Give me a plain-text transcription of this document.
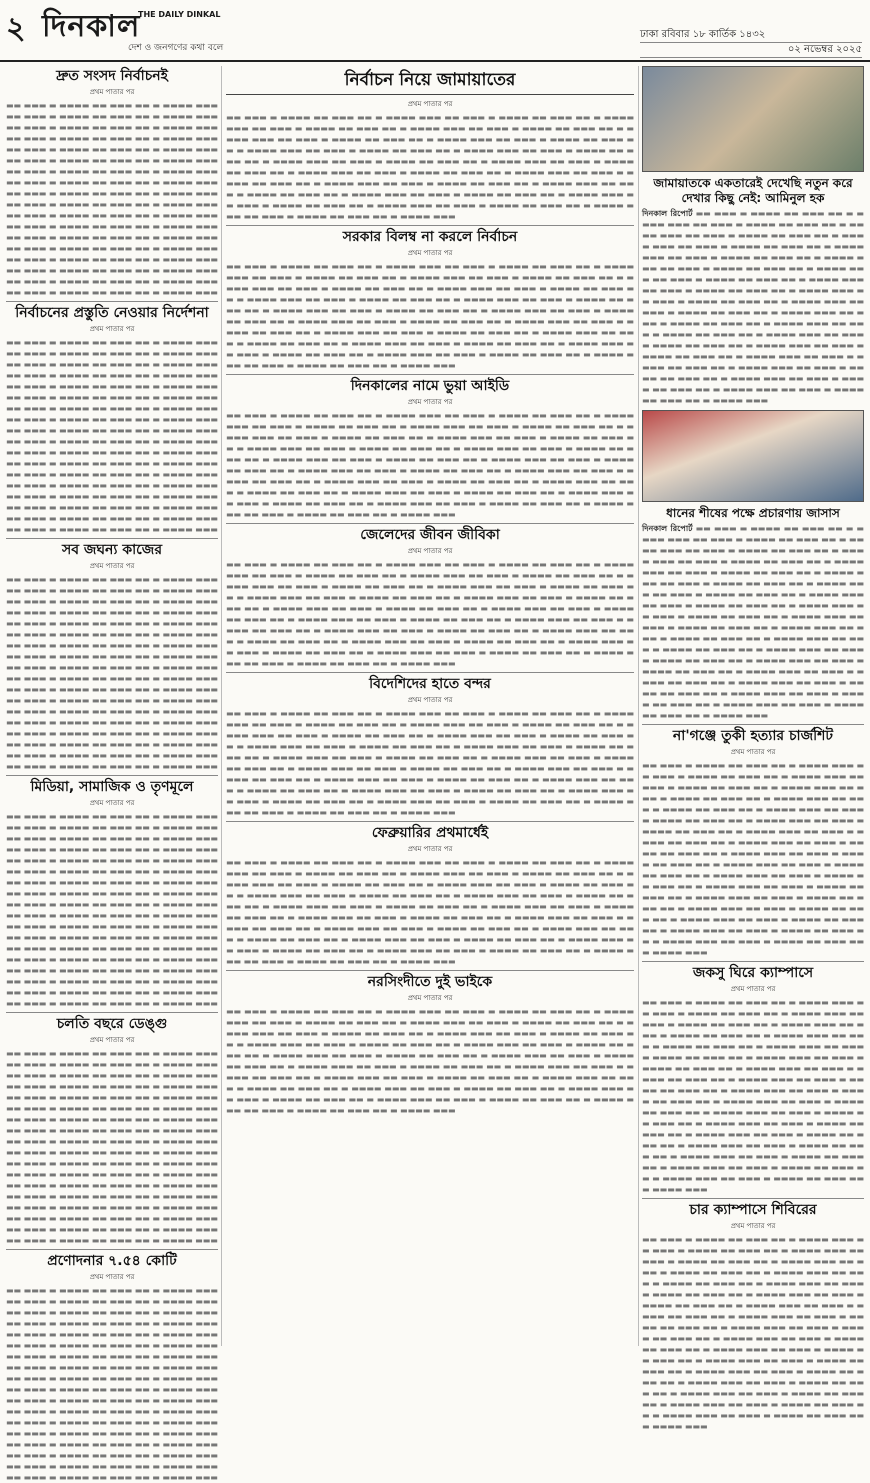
২ দিনকাল
THE DAILY DINKAL
দেশ ও জনগণের কথা বলে
ঢাকা রবিবার ১৮ কার্তিক ১৪৩২
০২ নভেম্বর ২০২৫
দ্রুত সংসদ নির্বাচনই
প্রথম পাতার পর

▬▬ ▬▬▬ ▬ ▬▬▬▬ ▬▬ ▬▬▬ ▬▬ ▬ ▬▬▬▬ ▬▬▬ ▬▬ ▬▬▬ ▬ ▬▬▬▬ ▬▬ ▬▬▬ ▬▬ ▬ ▬▬▬▬ ▬▬▬ ▬▬ ▬▬▬ ▬ ▬▬▬▬ ▬▬ ▬▬▬ ▬▬ ▬ ▬▬▬▬ ▬▬▬ ▬▬ ▬▬▬ ▬ ▬▬▬▬ ▬▬ ▬▬▬ ▬▬ ▬ ▬▬▬▬ ▬▬▬ ▬▬ ▬▬▬ ▬ ▬▬▬▬ ▬▬ ▬▬▬ ▬▬ ▬ ▬▬▬▬ ▬▬▬ ▬▬ ▬▬▬ ▬ ▬▬▬▬ ▬▬ ▬▬▬ ▬▬ ▬ ▬▬▬▬ ▬▬▬ ▬▬ ▬▬▬ ▬ ▬▬▬▬ ▬▬ ▬▬▬ ▬▬ ▬ ▬▬▬▬ ▬▬▬ ▬▬ ▬▬▬ ▬ ▬▬▬▬ ▬▬ ▬▬▬ ▬▬ ▬ ▬▬▬▬ ▬▬▬ ▬▬ ▬▬▬ ▬ ▬▬▬▬ ▬▬ ▬▬▬ ▬▬ ▬ ▬▬▬▬ ▬▬▬ ▬▬ ▬▬▬ ▬ ▬▬▬▬ ▬▬ ▬▬▬ ▬▬ ▬ ▬▬▬▬ ▬▬▬ ▬▬ ▬▬▬ ▬ ▬▬▬▬ ▬▬ ▬▬▬ ▬▬ ▬ ▬▬▬▬ ▬▬▬ ▬▬ ▬▬▬ ▬ ▬▬▬▬ ▬▬ ▬▬▬ ▬▬ ▬ ▬▬▬▬ ▬▬▬ ▬▬ ▬▬▬ ▬ ▬▬▬▬ ▬▬ ▬▬▬ ▬▬ ▬ ▬▬▬▬ ▬▬▬ ▬▬ ▬▬▬ ▬ ▬▬▬▬ ▬▬ ▬▬▬ ▬▬ ▬ ▬▬▬▬ ▬▬▬ ▬▬ ▬▬▬ ▬ ▬▬▬▬ ▬▬ ▬▬▬ ▬▬ ▬ ▬▬▬▬ ▬▬▬ ▬▬ ▬▬▬ ▬ ▬▬▬▬ ▬▬ ▬▬▬ ▬▬ ▬ ▬▬▬▬ ▬▬▬ ▬▬ ▬▬▬ ▬ ▬▬▬▬ ▬▬ ▬▬▬ ▬▬ ▬ ▬▬▬▬ ▬▬▬ ▬▬ ▬▬▬ ▬ ▬▬▬▬ ▬▬ ▬▬▬ ▬▬ ▬ ▬▬▬▬ ▬▬▬

নির্বাচনের প্রস্তুতি নেওয়ার নির্দেশনা
প্রথম পাতার পর

▬▬ ▬▬▬ ▬ ▬▬▬▬ ▬▬ ▬▬▬ ▬▬ ▬ ▬▬▬▬ ▬▬▬ ▬▬ ▬▬▬ ▬ ▬▬▬▬ ▬▬ ▬▬▬ ▬▬ ▬ ▬▬▬▬ ▬▬▬ ▬▬ ▬▬▬ ▬ ▬▬▬▬ ▬▬ ▬▬▬ ▬▬ ▬ ▬▬▬▬ ▬▬▬ ▬▬ ▬▬▬ ▬ ▬▬▬▬ ▬▬ ▬▬▬ ▬▬ ▬ ▬▬▬▬ ▬▬▬ ▬▬ ▬▬▬ ▬ ▬▬▬▬ ▬▬ ▬▬▬ ▬▬ ▬ ▬▬▬▬ ▬▬▬ ▬▬ ▬▬▬ ▬ ▬▬▬▬ ▬▬ ▬▬▬ ▬▬ ▬ ▬▬▬▬ ▬▬▬ ▬▬ ▬▬▬ ▬ ▬▬▬▬ ▬▬ ▬▬▬ ▬▬ ▬ ▬▬▬▬ ▬▬▬ ▬▬ ▬▬▬ ▬ ▬▬▬▬ ▬▬ ▬▬▬ ▬▬ ▬ ▬▬▬▬ ▬▬▬ ▬▬ ▬▬▬ ▬ ▬▬▬▬ ▬▬ ▬▬▬ ▬▬ ▬ ▬▬▬▬ ▬▬▬ ▬▬ ▬▬▬ ▬ ▬▬▬▬ ▬▬ ▬▬▬ ▬▬ ▬ ▬▬▬▬ ▬▬▬ ▬▬ ▬▬▬ ▬ ▬▬▬▬ ▬▬ ▬▬▬ ▬▬ ▬ ▬▬▬▬ ▬▬▬ ▬▬ ▬▬▬ ▬ ▬▬▬▬ ▬▬ ▬▬▬ ▬▬ ▬ ▬▬▬▬ ▬▬▬ ▬▬ ▬▬▬ ▬ ▬▬▬▬ ▬▬ ▬▬▬ ▬▬ ▬ ▬▬▬▬ ▬▬▬ ▬▬ ▬▬▬ ▬ ▬▬▬▬ ▬▬ ▬▬▬ ▬▬ ▬ ▬▬▬▬ ▬▬▬ ▬▬ ▬▬▬ ▬ ▬▬▬▬ ▬▬ ▬▬▬ ▬▬ ▬ ▬▬▬▬ ▬▬▬ ▬▬ ▬▬▬ ▬ ▬▬▬▬ ▬▬ ▬▬▬ ▬▬ ▬ ▬▬▬▬ ▬▬▬ ▬▬ ▬▬▬ ▬ ▬▬▬▬ ▬▬ ▬▬▬ ▬▬ ▬ ▬▬▬▬ ▬▬▬ ▬▬ ▬▬▬ ▬ ▬▬▬▬ ▬▬ ▬▬▬ ▬▬ ▬ ▬▬▬▬ ▬▬▬

সব জঘন্য কাজের
প্রথম পাতার পর

▬▬ ▬▬▬ ▬ ▬▬▬▬ ▬▬ ▬▬▬ ▬▬ ▬ ▬▬▬▬ ▬▬▬ ▬▬ ▬▬▬ ▬ ▬▬▬▬ ▬▬ ▬▬▬ ▬▬ ▬ ▬▬▬▬ ▬▬▬ ▬▬ ▬▬▬ ▬ ▬▬▬▬ ▬▬ ▬▬▬ ▬▬ ▬ ▬▬▬▬ ▬▬▬ ▬▬ ▬▬▬ ▬ ▬▬▬▬ ▬▬ ▬▬▬ ▬▬ ▬ ▬▬▬▬ ▬▬▬ ▬▬ ▬▬▬ ▬ ▬▬▬▬ ▬▬ ▬▬▬ ▬▬ ▬ ▬▬▬▬ ▬▬▬ ▬▬ ▬▬▬ ▬ ▬▬▬▬ ▬▬ ▬▬▬ ▬▬ ▬ ▬▬▬▬ ▬▬▬ ▬▬ ▬▬▬ ▬ ▬▬▬▬ ▬▬ ▬▬▬ ▬▬ ▬ ▬▬▬▬ ▬▬▬ ▬▬ ▬▬▬ ▬ ▬▬▬▬ ▬▬ ▬▬▬ ▬▬ ▬ ▬▬▬▬ ▬▬▬ ▬▬ ▬▬▬ ▬ ▬▬▬▬ ▬▬ ▬▬▬ ▬▬ ▬ ▬▬▬▬ ▬▬▬ ▬▬ ▬▬▬ ▬ ▬▬▬▬ ▬▬ ▬▬▬ ▬▬ ▬ ▬▬▬▬ ▬▬▬ ▬▬ ▬▬▬ ▬ ▬▬▬▬ ▬▬ ▬▬▬ ▬▬ ▬ ▬▬▬▬ ▬▬▬ ▬▬ ▬▬▬ ▬ ▬▬▬▬ ▬▬ ▬▬▬ ▬▬ ▬ ▬▬▬▬ ▬▬▬ ▬▬ ▬▬▬ ▬ ▬▬▬▬ ▬▬ ▬▬▬ ▬▬ ▬ ▬▬▬▬ ▬▬▬ ▬▬ ▬▬▬ ▬ ▬▬▬▬ ▬▬ ▬▬▬ ▬▬ ▬ ▬▬▬▬ ▬▬▬ ▬▬ ▬▬▬ ▬ ▬▬▬▬ ▬▬ ▬▬▬ ▬▬ ▬ ▬▬▬▬ ▬▬▬ ▬▬ ▬▬▬ ▬ ▬▬▬▬ ▬▬ ▬▬▬ ▬▬ ▬ ▬▬▬▬ ▬▬▬ ▬▬ ▬▬▬ ▬ ▬▬▬▬ ▬▬ ▬▬▬ ▬▬ ▬ ▬▬▬▬ ▬▬▬ ▬▬ ▬▬▬ ▬ ▬▬▬▬ ▬▬ ▬▬▬ ▬▬ ▬ ▬▬▬▬ ▬▬▬

মিডিয়া, সামাজিক ও তৃণমূলে
প্রথম পাতার পর

▬▬ ▬▬▬ ▬ ▬▬▬▬ ▬▬ ▬▬▬ ▬▬ ▬ ▬▬▬▬ ▬▬▬ ▬▬ ▬▬▬ ▬ ▬▬▬▬ ▬▬ ▬▬▬ ▬▬ ▬ ▬▬▬▬ ▬▬▬ ▬▬ ▬▬▬ ▬ ▬▬▬▬ ▬▬ ▬▬▬ ▬▬ ▬ ▬▬▬▬ ▬▬▬ ▬▬ ▬▬▬ ▬ ▬▬▬▬ ▬▬ ▬▬▬ ▬▬ ▬ ▬▬▬▬ ▬▬▬ ▬▬ ▬▬▬ ▬ ▬▬▬▬ ▬▬ ▬▬▬ ▬▬ ▬ ▬▬▬▬ ▬▬▬ ▬▬ ▬▬▬ ▬ ▬▬▬▬ ▬▬ ▬▬▬ ▬▬ ▬ ▬▬▬▬ ▬▬▬ ▬▬ ▬▬▬ ▬ ▬▬▬▬ ▬▬ ▬▬▬ ▬▬ ▬ ▬▬▬▬ ▬▬▬ ▬▬ ▬▬▬ ▬ ▬▬▬▬ ▬▬ ▬▬▬ ▬▬ ▬ ▬▬▬▬ ▬▬▬ ▬▬ ▬▬▬ ▬ ▬▬▬▬ ▬▬ ▬▬▬ ▬▬ ▬ ▬▬▬▬ ▬▬▬ ▬▬ ▬▬▬ ▬ ▬▬▬▬ ▬▬ ▬▬▬ ▬▬ ▬ ▬▬▬▬ ▬▬▬ ▬▬ ▬▬▬ ▬ ▬▬▬▬ ▬▬ ▬▬▬ ▬▬ ▬ ▬▬▬▬ ▬▬▬ ▬▬ ▬▬▬ ▬ ▬▬▬▬ ▬▬ ▬▬▬ ▬▬ ▬ ▬▬▬▬ ▬▬▬ ▬▬ ▬▬▬ ▬ ▬▬▬▬ ▬▬ ▬▬▬ ▬▬ ▬ ▬▬▬▬ ▬▬▬ ▬▬ ▬▬▬ ▬ ▬▬▬▬ ▬▬ ▬▬▬ ▬▬ ▬ ▬▬▬▬ ▬▬▬ ▬▬ ▬▬▬ ▬ ▬▬▬▬ ▬▬ ▬▬▬ ▬▬ ▬ ▬▬▬▬ ▬▬▬ ▬▬ ▬▬▬ ▬ ▬▬▬▬ ▬▬ ▬▬▬ ▬▬ ▬ ▬▬▬▬ ▬▬▬ ▬▬ ▬▬▬ ▬ ▬▬▬▬ ▬▬ ▬▬▬ ▬▬ ▬ ▬▬▬▬ ▬▬▬ ▬▬ ▬▬▬ ▬ ▬▬▬▬ ▬▬ ▬▬▬ ▬▬ ▬ ▬▬▬▬ ▬▬▬

চলতি বছরে ডেঙ্গু
প্রথম পাতার পর

▬▬ ▬▬▬ ▬ ▬▬▬▬ ▬▬ ▬▬▬ ▬▬ ▬ ▬▬▬▬ ▬▬▬ ▬▬ ▬▬▬ ▬ ▬▬▬▬ ▬▬ ▬▬▬ ▬▬ ▬ ▬▬▬▬ ▬▬▬ ▬▬ ▬▬▬ ▬ ▬▬▬▬ ▬▬ ▬▬▬ ▬▬ ▬ ▬▬▬▬ ▬▬▬ ▬▬ ▬▬▬ ▬ ▬▬▬▬ ▬▬ ▬▬▬ ▬▬ ▬ ▬▬▬▬ ▬▬▬ ▬▬ ▬▬▬ ▬ ▬▬▬▬ ▬▬ ▬▬▬ ▬▬ ▬ ▬▬▬▬ ▬▬▬ ▬▬ ▬▬▬ ▬ ▬▬▬▬ ▬▬ ▬▬▬ ▬▬ ▬ ▬▬▬▬ ▬▬▬ ▬▬ ▬▬▬ ▬ ▬▬▬▬ ▬▬ ▬▬▬ ▬▬ ▬ ▬▬▬▬ ▬▬▬ ▬▬ ▬▬▬ ▬ ▬▬▬▬ ▬▬ ▬▬▬ ▬▬ ▬ ▬▬▬▬ ▬▬▬ ▬▬ ▬▬▬ ▬ ▬▬▬▬ ▬▬ ▬▬▬ ▬▬ ▬ ▬▬▬▬ ▬▬▬ ▬▬ ▬▬▬ ▬ ▬▬▬▬ ▬▬ ▬▬▬ ▬▬ ▬ ▬▬▬▬ ▬▬▬ ▬▬ ▬▬▬ ▬ ▬▬▬▬ ▬▬ ▬▬▬ ▬▬ ▬ ▬▬▬▬ ▬▬▬ ▬▬ ▬▬▬ ▬ ▬▬▬▬ ▬▬ ▬▬▬ ▬▬ ▬ ▬▬▬▬ ▬▬▬ ▬▬ ▬▬▬ ▬ ▬▬▬▬ ▬▬ ▬▬▬ ▬▬ ▬ ▬▬▬▬ ▬▬▬ ▬▬ ▬▬▬ ▬ ▬▬▬▬ ▬▬ ▬▬▬ ▬▬ ▬ ▬▬▬▬ ▬▬▬ ▬▬ ▬▬▬ ▬ ▬▬▬▬ ▬▬ ▬▬▬ ▬▬ ▬ ▬▬▬▬ ▬▬▬ ▬▬ ▬▬▬ ▬ ▬▬▬▬ ▬▬ ▬▬▬ ▬▬ ▬ ▬▬▬▬ ▬▬▬ ▬▬ ▬▬▬ ▬ ▬▬▬▬ ▬▬ ▬▬▬ ▬▬ ▬ ▬▬▬▬ ▬▬▬ ▬▬ ▬▬▬ ▬ ▬▬▬▬ ▬▬ ▬▬▬ ▬▬ ▬ ▬▬▬▬ ▬▬▬

প্রণোদনার ৭.৫৪ কোটি
প্রথম পাতার পর

▬▬ ▬▬▬ ▬ ▬▬▬▬ ▬▬ ▬▬▬ ▬▬ ▬ ▬▬▬▬ ▬▬▬ ▬▬ ▬▬▬ ▬ ▬▬▬▬ ▬▬ ▬▬▬ ▬▬ ▬ ▬▬▬▬ ▬▬▬ ▬▬ ▬▬▬ ▬ ▬▬▬▬ ▬▬ ▬▬▬ ▬▬ ▬ ▬▬▬▬ ▬▬▬ ▬▬ ▬▬▬ ▬ ▬▬▬▬ ▬▬ ▬▬▬ ▬▬ ▬ ▬▬▬▬ ▬▬▬ ▬▬ ▬▬▬ ▬ ▬▬▬▬ ▬▬ ▬▬▬ ▬▬ ▬ ▬▬▬▬ ▬▬▬ ▬▬ ▬▬▬ ▬ ▬▬▬▬ ▬▬ ▬▬▬ ▬▬ ▬ ▬▬▬▬ ▬▬▬ ▬▬ ▬▬▬ ▬ ▬▬▬▬ ▬▬ ▬▬▬ ▬▬ ▬ ▬▬▬▬ ▬▬▬ ▬▬ ▬▬▬ ▬ ▬▬▬▬ ▬▬ ▬▬▬ ▬▬ ▬ ▬▬▬▬ ▬▬▬ ▬▬ ▬▬▬ ▬ ▬▬▬▬ ▬▬ ▬▬▬ ▬▬ ▬ ▬▬▬▬ ▬▬▬ ▬▬ ▬▬▬ ▬ ▬▬▬▬ ▬▬ ▬▬▬ ▬▬ ▬ ▬▬▬▬ ▬▬▬ ▬▬ ▬▬▬ ▬ ▬▬▬▬ ▬▬ ▬▬▬ ▬▬ ▬ ▬▬▬▬ ▬▬▬ ▬▬ ▬▬▬ ▬ ▬▬▬▬ ▬▬ ▬▬▬ ▬▬ ▬ ▬▬▬▬ ▬▬▬ ▬▬ ▬▬▬ ▬ ▬▬▬▬ ▬▬ ▬▬▬ ▬▬ ▬ ▬▬▬▬ ▬▬▬ ▬▬ ▬▬▬ ▬ ▬▬▬▬ ▬▬ ▬▬▬ ▬▬ ▬ ▬▬▬▬ ▬▬▬ ▬▬ ▬▬▬ ▬ ▬▬▬▬ ▬▬ ▬▬▬ ▬▬ ▬ ▬▬▬▬ ▬▬▬ ▬▬ ▬▬▬ ▬ ▬▬▬▬ ▬▬ ▬▬▬ ▬▬ ▬ ▬▬▬▬ ▬▬▬ ▬▬ ▬▬▬ ▬ ▬▬▬▬ ▬▬ ▬▬▬ ▬▬ ▬ ▬▬▬▬ ▬▬▬ ▬▬ ▬▬▬ ▬ ▬▬▬▬ ▬▬ ▬▬▬ ▬▬ ▬ ▬▬▬▬ ▬▬▬

নির্বাচন নিয়ে জামায়াতের
প্রথম পাতার পর

▬▬ ▬▬▬ ▬ ▬▬▬▬ ▬▬ ▬▬▬ ▬▬ ▬ ▬▬▬▬ ▬▬▬ ▬▬ ▬▬▬ ▬ ▬▬▬▬ ▬▬ ▬▬▬ ▬▬ ▬ ▬▬▬▬ ▬▬▬ ▬▬ ▬▬▬ ▬ ▬▬▬▬ ▬▬ ▬▬▬ ▬▬ ▬ ▬▬▬▬ ▬▬▬ ▬▬ ▬▬▬ ▬ ▬▬▬▬ ▬▬ ▬▬▬ ▬▬ ▬ ▬▬▬▬ ▬▬▬ ▬▬ ▬▬▬ ▬ ▬▬▬▬ ▬▬ ▬▬▬ ▬▬ ▬ ▬▬▬▬ ▬▬▬ ▬▬ ▬▬▬ ▬ ▬▬▬▬ ▬▬ ▬▬▬ ▬▬ ▬ ▬▬▬▬ ▬▬▬ ▬▬ ▬▬▬ ▬ ▬▬▬▬ ▬▬ ▬▬▬ ▬▬ ▬ ▬▬▬▬ ▬▬▬ ▬▬ ▬▬▬ ▬ ▬▬▬▬ ▬▬ ▬▬▬ ▬▬ ▬ ▬▬▬▬ ▬▬▬ ▬▬ ▬▬▬ ▬ ▬▬▬▬ ▬▬ ▬▬▬ ▬▬ ▬ ▬▬▬▬ ▬▬▬ ▬▬ ▬▬▬ ▬ ▬▬▬▬ ▬▬ ▬▬▬ ▬▬ ▬ ▬▬▬▬ ▬▬▬ ▬▬ ▬▬▬ ▬ ▬▬▬▬ ▬▬ ▬▬▬ ▬▬ ▬ ▬▬▬▬ ▬▬▬ ▬▬ ▬▬▬ ▬ ▬▬▬▬ ▬▬ ▬▬▬ ▬▬ ▬ ▬▬▬▬ ▬▬▬ ▬▬ ▬▬▬ ▬ ▬▬▬▬ ▬▬ ▬▬▬ ▬▬ ▬ ▬▬▬▬ ▬▬▬ ▬▬ ▬▬▬ ▬ ▬▬▬▬ ▬▬ ▬▬▬ ▬▬ ▬ ▬▬▬▬ ▬▬▬ ▬▬ ▬▬▬ ▬ ▬▬▬▬ ▬▬ ▬▬▬ ▬▬ ▬ ▬▬▬▬ ▬▬▬ ▬▬ ▬▬▬ ▬ ▬▬▬▬ ▬▬ ▬▬▬ ▬▬ ▬ ▬▬▬▬ ▬▬▬ ▬▬ ▬▬▬ ▬ ▬▬▬▬ ▬▬ ▬▬▬ ▬▬ ▬ ▬▬▬▬ ▬▬▬ ▬▬ ▬▬▬ ▬ ▬▬▬▬ ▬▬ ▬▬▬ ▬▬ ▬ ▬▬▬▬ ▬▬▬

সরকার বিলম্ব না করলে নির্বাচন
প্রথম পাতার পর

▬▬ ▬▬▬ ▬ ▬▬▬▬ ▬▬ ▬▬▬ ▬▬ ▬ ▬▬▬▬ ▬▬▬ ▬▬ ▬▬▬ ▬ ▬▬▬▬ ▬▬ ▬▬▬ ▬▬ ▬ ▬▬▬▬ ▬▬▬ ▬▬ ▬▬▬ ▬ ▬▬▬▬ ▬▬ ▬▬▬ ▬▬ ▬ ▬▬▬▬ ▬▬▬ ▬▬ ▬▬▬ ▬ ▬▬▬▬ ▬▬ ▬▬▬ ▬▬ ▬ ▬▬▬▬ ▬▬▬ ▬▬ ▬▬▬ ▬ ▬▬▬▬ ▬▬ ▬▬▬ ▬▬ ▬ ▬▬▬▬ ▬▬▬ ▬▬ ▬▬▬ ▬ ▬▬▬▬ ▬▬ ▬▬▬ ▬▬ ▬ ▬▬▬▬ ▬▬▬ ▬▬ ▬▬▬ ▬ ▬▬▬▬ ▬▬ ▬▬▬ ▬▬ ▬ ▬▬▬▬ ▬▬▬ ▬▬ ▬▬▬ ▬ ▬▬▬▬ ▬▬ ▬▬▬ ▬▬ ▬ ▬▬▬▬ ▬▬▬ ▬▬ ▬▬▬ ▬ ▬▬▬▬ ▬▬ ▬▬▬ ▬▬ ▬ ▬▬▬▬ ▬▬▬ ▬▬ ▬▬▬ ▬ ▬▬▬▬ ▬▬ ▬▬▬ ▬▬ ▬ ▬▬▬▬ ▬▬▬ ▬▬ ▬▬▬ ▬ ▬▬▬▬ ▬▬ ▬▬▬ ▬▬ ▬ ▬▬▬▬ ▬▬▬ ▬▬ ▬▬▬ ▬ ▬▬▬▬ ▬▬ ▬▬▬ ▬▬ ▬ ▬▬▬▬ ▬▬▬ ▬▬ ▬▬▬ ▬ ▬▬▬▬ ▬▬ ▬▬▬ ▬▬ ▬ ▬▬▬▬ ▬▬▬ ▬▬ ▬▬▬ ▬ ▬▬▬▬ ▬▬ ▬▬▬ ▬▬ ▬ ▬▬▬▬ ▬▬▬ ▬▬ ▬▬▬ ▬ ▬▬▬▬ ▬▬ ▬▬▬ ▬▬ ▬ ▬▬▬▬ ▬▬▬ ▬▬ ▬▬▬ ▬ ▬▬▬▬ ▬▬ ▬▬▬ ▬▬ ▬ ▬▬▬▬ ▬▬▬ ▬▬ ▬▬▬ ▬ ▬▬▬▬ ▬▬ ▬▬▬ ▬▬ ▬ ▬▬▬▬ ▬▬▬ ▬▬ ▬▬▬ ▬ ▬▬▬▬ ▬▬ ▬▬▬ ▬▬ ▬ ▬▬▬▬ ▬▬▬

দিনকালের নামে ভুয়া আইডি
প্রথম পাতার পর

▬▬ ▬▬▬ ▬ ▬▬▬▬ ▬▬ ▬▬▬ ▬▬ ▬ ▬▬▬▬ ▬▬▬ ▬▬ ▬▬▬ ▬ ▬▬▬▬ ▬▬ ▬▬▬ ▬▬ ▬ ▬▬▬▬ ▬▬▬ ▬▬ ▬▬▬ ▬ ▬▬▬▬ ▬▬ ▬▬▬ ▬▬ ▬ ▬▬▬▬ ▬▬▬ ▬▬ ▬▬▬ ▬ ▬▬▬▬ ▬▬ ▬▬▬ ▬▬ ▬ ▬▬▬▬ ▬▬▬ ▬▬ ▬▬▬ ▬ ▬▬▬▬ ▬▬ ▬▬▬ ▬▬ ▬ ▬▬▬▬ ▬▬▬ ▬▬ ▬▬▬ ▬ ▬▬▬▬ ▬▬ ▬▬▬ ▬▬ ▬ ▬▬▬▬ ▬▬▬ ▬▬ ▬▬▬ ▬ ▬▬▬▬ ▬▬ ▬▬▬ ▬▬ ▬ ▬▬▬▬ ▬▬▬ ▬▬ ▬▬▬ ▬ ▬▬▬▬ ▬▬ ▬▬▬ ▬▬ ▬ ▬▬▬▬ ▬▬▬ ▬▬ ▬▬▬ ▬ ▬▬▬▬ ▬▬ ▬▬▬ ▬▬ ▬ ▬▬▬▬ ▬▬▬ ▬▬ ▬▬▬ ▬ ▬▬▬▬ ▬▬ ▬▬▬ ▬▬ ▬ ▬▬▬▬ ▬▬▬ ▬▬ ▬▬▬ ▬ ▬▬▬▬ ▬▬ ▬▬▬ ▬▬ ▬ ▬▬▬▬ ▬▬▬ ▬▬ ▬▬▬ ▬ ▬▬▬▬ ▬▬ ▬▬▬ ▬▬ ▬ ▬▬▬▬ ▬▬▬ ▬▬ ▬▬▬ ▬ ▬▬▬▬ ▬▬ ▬▬▬ ▬▬ ▬ ▬▬▬▬ ▬▬▬ ▬▬ ▬▬▬ ▬ ▬▬▬▬ ▬▬ ▬▬▬ ▬▬ ▬ ▬▬▬▬ ▬▬▬ ▬▬ ▬▬▬ ▬ ▬▬▬▬ ▬▬ ▬▬▬ ▬▬ ▬ ▬▬▬▬ ▬▬▬ ▬▬ ▬▬▬ ▬ ▬▬▬▬ ▬▬ ▬▬▬ ▬▬ ▬ ▬▬▬▬ ▬▬▬ ▬▬ ▬▬▬ ▬ ▬▬▬▬ ▬▬ ▬▬▬ ▬▬ ▬ ▬▬▬▬ ▬▬▬ ▬▬ ▬▬▬ ▬ ▬▬▬▬ ▬▬ ▬▬▬ ▬▬ ▬ ▬▬▬▬ ▬▬▬

জেলেদের জীবন জীবিকা
প্রথম পাতার পর

▬▬ ▬▬▬ ▬ ▬▬▬▬ ▬▬ ▬▬▬ ▬▬ ▬ ▬▬▬▬ ▬▬▬ ▬▬ ▬▬▬ ▬ ▬▬▬▬ ▬▬ ▬▬▬ ▬▬ ▬ ▬▬▬▬ ▬▬▬ ▬▬ ▬▬▬ ▬ ▬▬▬▬ ▬▬ ▬▬▬ ▬▬ ▬ ▬▬▬▬ ▬▬▬ ▬▬ ▬▬▬ ▬ ▬▬▬▬ ▬▬ ▬▬▬ ▬▬ ▬ ▬▬▬▬ ▬▬▬ ▬▬ ▬▬▬ ▬ ▬▬▬▬ ▬▬ ▬▬▬ ▬▬ ▬ ▬▬▬▬ ▬▬▬ ▬▬ ▬▬▬ ▬ ▬▬▬▬ ▬▬ ▬▬▬ ▬▬ ▬ ▬▬▬▬ ▬▬▬ ▬▬ ▬▬▬ ▬ ▬▬▬▬ ▬▬ ▬▬▬ ▬▬ ▬ ▬▬▬▬ ▬▬▬ ▬▬ ▬▬▬ ▬ ▬▬▬▬ ▬▬ ▬▬▬ ▬▬ ▬ ▬▬▬▬ ▬▬▬ ▬▬ ▬▬▬ ▬ ▬▬▬▬ ▬▬ ▬▬▬ ▬▬ ▬ ▬▬▬▬ ▬▬▬ ▬▬ ▬▬▬ ▬ ▬▬▬▬ ▬▬ ▬▬▬ ▬▬ ▬ ▬▬▬▬ ▬▬▬ ▬▬ ▬▬▬ ▬ ▬▬▬▬ ▬▬ ▬▬▬ ▬▬ ▬ ▬▬▬▬ ▬▬▬ ▬▬ ▬▬▬ ▬ ▬▬▬▬ ▬▬ ▬▬▬ ▬▬ ▬ ▬▬▬▬ ▬▬▬ ▬▬ ▬▬▬ ▬ ▬▬▬▬ ▬▬ ▬▬▬ ▬▬ ▬ ▬▬▬▬ ▬▬▬ ▬▬ ▬▬▬ ▬ ▬▬▬▬ ▬▬ ▬▬▬ ▬▬ ▬ ▬▬▬▬ ▬▬▬ ▬▬ ▬▬▬ ▬ ▬▬▬▬ ▬▬ ▬▬▬ ▬▬ ▬ ▬▬▬▬ ▬▬▬ ▬▬ ▬▬▬ ▬ ▬▬▬▬ ▬▬ ▬▬▬ ▬▬ ▬ ▬▬▬▬ ▬▬▬ ▬▬ ▬▬▬ ▬ ▬▬▬▬ ▬▬ ▬▬▬ ▬▬ ▬ ▬▬▬▬ ▬▬▬ ▬▬ ▬▬▬ ▬ ▬▬▬▬ ▬▬ ▬▬▬ ▬▬ ▬ ▬▬▬▬ ▬▬▬

বিদেশিদের হাতে বন্দর
প্রথম পাতার পর

▬▬ ▬▬▬ ▬ ▬▬▬▬ ▬▬ ▬▬▬ ▬▬ ▬ ▬▬▬▬ ▬▬▬ ▬▬ ▬▬▬ ▬ ▬▬▬▬ ▬▬ ▬▬▬ ▬▬ ▬ ▬▬▬▬ ▬▬▬ ▬▬ ▬▬▬ ▬ ▬▬▬▬ ▬▬ ▬▬▬ ▬▬ ▬ ▬▬▬▬ ▬▬▬ ▬▬ ▬▬▬ ▬ ▬▬▬▬ ▬▬ ▬▬▬ ▬▬ ▬ ▬▬▬▬ ▬▬▬ ▬▬ ▬▬▬ ▬ ▬▬▬▬ ▬▬ ▬▬▬ ▬▬ ▬ ▬▬▬▬ ▬▬▬ ▬▬ ▬▬▬ ▬ ▬▬▬▬ ▬▬ ▬▬▬ ▬▬ ▬ ▬▬▬▬ ▬▬▬ ▬▬ ▬▬▬ ▬ ▬▬▬▬ ▬▬ ▬▬▬ ▬▬ ▬ ▬▬▬▬ ▬▬▬ ▬▬ ▬▬▬ ▬ ▬▬▬▬ ▬▬ ▬▬▬ ▬▬ ▬ ▬▬▬▬ ▬▬▬ ▬▬ ▬▬▬ ▬ ▬▬▬▬ ▬▬ ▬▬▬ ▬▬ ▬ ▬▬▬▬ ▬▬▬ ▬▬ ▬▬▬ ▬ ▬▬▬▬ ▬▬ ▬▬▬ ▬▬ ▬ ▬▬▬▬ ▬▬▬ ▬▬ ▬▬▬ ▬ ▬▬▬▬ ▬▬ ▬▬▬ ▬▬ ▬ ▬▬▬▬ ▬▬▬ ▬▬ ▬▬▬ ▬ ▬▬▬▬ ▬▬ ▬▬▬ ▬▬ ▬ ▬▬▬▬ ▬▬▬ ▬▬ ▬▬▬ ▬ ▬▬▬▬ ▬▬ ▬▬▬ ▬▬ ▬ ▬▬▬▬ ▬▬▬ ▬▬ ▬▬▬ ▬ ▬▬▬▬ ▬▬ ▬▬▬ ▬▬ ▬ ▬▬▬▬ ▬▬▬ ▬▬ ▬▬▬ ▬ ▬▬▬▬ ▬▬ ▬▬▬ ▬▬ ▬ ▬▬▬▬ ▬▬▬ ▬▬ ▬▬▬ ▬ ▬▬▬▬ ▬▬ ▬▬▬ ▬▬ ▬ ▬▬▬▬ ▬▬▬ ▬▬ ▬▬▬ ▬ ▬▬▬▬ ▬▬ ▬▬▬ ▬▬ ▬ ▬▬▬▬ ▬▬▬ ▬▬ ▬▬▬ ▬ ▬▬▬▬ ▬▬ ▬▬▬ ▬▬ ▬ ▬▬▬▬ ▬▬▬

ফেব্রুয়ারির প্রথমার্ধেই
প্রথম পাতার পর

▬▬ ▬▬▬ ▬ ▬▬▬▬ ▬▬ ▬▬▬ ▬▬ ▬ ▬▬▬▬ ▬▬▬ ▬▬ ▬▬▬ ▬ ▬▬▬▬ ▬▬ ▬▬▬ ▬▬ ▬ ▬▬▬▬ ▬▬▬ ▬▬ ▬▬▬ ▬ ▬▬▬▬ ▬▬ ▬▬▬ ▬▬ ▬ ▬▬▬▬ ▬▬▬ ▬▬ ▬▬▬ ▬ ▬▬▬▬ ▬▬ ▬▬▬ ▬▬ ▬ ▬▬▬▬ ▬▬▬ ▬▬ ▬▬▬ ▬ ▬▬▬▬ ▬▬ ▬▬▬ ▬▬ ▬ ▬▬▬▬ ▬▬▬ ▬▬ ▬▬▬ ▬ ▬▬▬▬ ▬▬ ▬▬▬ ▬▬ ▬ ▬▬▬▬ ▬▬▬ ▬▬ ▬▬▬ ▬ ▬▬▬▬ ▬▬ ▬▬▬ ▬▬ ▬ ▬▬▬▬ ▬▬▬ ▬▬ ▬▬▬ ▬ ▬▬▬▬ ▬▬ ▬▬▬ ▬▬ ▬ ▬▬▬▬ ▬▬▬ ▬▬ ▬▬▬ ▬ ▬▬▬▬ ▬▬ ▬▬▬ ▬▬ ▬ ▬▬▬▬ ▬▬▬ ▬▬ ▬▬▬ ▬ ▬▬▬▬ ▬▬ ▬▬▬ ▬▬ ▬ ▬▬▬▬ ▬▬▬ ▬▬ ▬▬▬ ▬ ▬▬▬▬ ▬▬ ▬▬▬ ▬▬ ▬ ▬▬▬▬ ▬▬▬ ▬▬ ▬▬▬ ▬ ▬▬▬▬ ▬▬ ▬▬▬ ▬▬ ▬ ▬▬▬▬ ▬▬▬ ▬▬ ▬▬▬ ▬ ▬▬▬▬ ▬▬ ▬▬▬ ▬▬ ▬ ▬▬▬▬ ▬▬▬ ▬▬ ▬▬▬ ▬ ▬▬▬▬ ▬▬ ▬▬▬ ▬▬ ▬ ▬▬▬▬ ▬▬▬ ▬▬ ▬▬▬ ▬ ▬▬▬▬ ▬▬ ▬▬▬ ▬▬ ▬ ▬▬▬▬ ▬▬▬ ▬▬ ▬▬▬ ▬ ▬▬▬▬ ▬▬ ▬▬▬ ▬▬ ▬ ▬▬▬▬ ▬▬▬ ▬▬ ▬▬▬ ▬ ▬▬▬▬ ▬▬ ▬▬▬ ▬▬ ▬ ▬▬▬▬ ▬▬▬ ▬▬ ▬▬▬ ▬ ▬▬▬▬ ▬▬ ▬▬▬ ▬▬ ▬ ▬▬▬▬ ▬▬▬

নরসিংদীতে দুই ভাইকে
প্রথম পাতার পর

▬▬ ▬▬▬ ▬ ▬▬▬▬ ▬▬ ▬▬▬ ▬▬ ▬ ▬▬▬▬ ▬▬▬ ▬▬ ▬▬▬ ▬ ▬▬▬▬ ▬▬ ▬▬▬ ▬▬ ▬ ▬▬▬▬ ▬▬▬ ▬▬ ▬▬▬ ▬ ▬▬▬▬ ▬▬ ▬▬▬ ▬▬ ▬ ▬▬▬▬ ▬▬▬ ▬▬ ▬▬▬ ▬ ▬▬▬▬ ▬▬ ▬▬▬ ▬▬ ▬ ▬▬▬▬ ▬▬▬ ▬▬ ▬▬▬ ▬ ▬▬▬▬ ▬▬ ▬▬▬ ▬▬ ▬ ▬▬▬▬ ▬▬▬ ▬▬ ▬▬▬ ▬ ▬▬▬▬ ▬▬ ▬▬▬ ▬▬ ▬ ▬▬▬▬ ▬▬▬ ▬▬ ▬▬▬ ▬ ▬▬▬▬ ▬▬ ▬▬▬ ▬▬ ▬ ▬▬▬▬ ▬▬▬ ▬▬ ▬▬▬ ▬ ▬▬▬▬ ▬▬ ▬▬▬ ▬▬ ▬ ▬▬▬▬ ▬▬▬ ▬▬ ▬▬▬ ▬ ▬▬▬▬ ▬▬ ▬▬▬ ▬▬ ▬ ▬▬▬▬ ▬▬▬ ▬▬ ▬▬▬ ▬ ▬▬▬▬ ▬▬ ▬▬▬ ▬▬ ▬ ▬▬▬▬ ▬▬▬ ▬▬ ▬▬▬ ▬ ▬▬▬▬ ▬▬ ▬▬▬ ▬▬ ▬ ▬▬▬▬ ▬▬▬ ▬▬ ▬▬▬ ▬ ▬▬▬▬ ▬▬ ▬▬▬ ▬▬ ▬ ▬▬▬▬ ▬▬▬ ▬▬ ▬▬▬ ▬ ▬▬▬▬ ▬▬ ▬▬▬ ▬▬ ▬ ▬▬▬▬ ▬▬▬ ▬▬ ▬▬▬ ▬ ▬▬▬▬ ▬▬ ▬▬▬ ▬▬ ▬ ▬▬▬▬ ▬▬▬ ▬▬ ▬▬▬ ▬ ▬▬▬▬ ▬▬ ▬▬▬ ▬▬ ▬ ▬▬▬▬ ▬▬▬ ▬▬ ▬▬▬ ▬ ▬▬▬▬ ▬▬ ▬▬▬ ▬▬ ▬ ▬▬▬▬ ▬▬▬ ▬▬ ▬▬▬ ▬ ▬▬▬▬ ▬▬ ▬▬▬ ▬▬ ▬ ▬▬▬▬ ▬▬▬ ▬▬ ▬▬▬ ▬ ▬▬▬▬ ▬▬ ▬▬▬ ▬▬ ▬ ▬▬▬▬ ▬▬▬

জামায়াতকে একতারেই দেখেছি নতুন করে দেখার কিছু নেই: আমিনুল হক

দিনকাল রিপোর্ট ▬▬ ▬▬▬ ▬ ▬▬▬▬ ▬▬ ▬▬▬ ▬▬ ▬ ▬▬▬▬ ▬▬▬ ▬▬ ▬▬▬ ▬ ▬▬▬▬ ▬▬ ▬▬▬ ▬▬ ▬ ▬▬▬▬ ▬▬▬ ▬▬ ▬▬▬ ▬ ▬▬▬▬ ▬▬ ▬▬▬ ▬▬ ▬ ▬▬▬▬ ▬▬▬ ▬▬ ▬▬▬ ▬ ▬▬▬▬ ▬▬ ▬▬▬ ▬▬ ▬ ▬▬▬▬ ▬▬▬ ▬▬ ▬▬▬ ▬ ▬▬▬▬ ▬▬ ▬▬▬ ▬▬ ▬ ▬▬▬▬ ▬▬▬ ▬▬ ▬▬▬ ▬ ▬▬▬▬ ▬▬ ▬▬▬ ▬▬ ▬ ▬▬▬▬ ▬▬▬ ▬▬ ▬▬▬ ▬ ▬▬▬▬ ▬▬ ▬▬▬ ▬▬ ▬ ▬▬▬▬ ▬▬▬ ▬▬ ▬▬▬ ▬ ▬▬▬▬ ▬▬ ▬▬▬ ▬▬ ▬ ▬▬▬▬ ▬▬▬ ▬▬ ▬▬▬ ▬ ▬▬▬▬ ▬▬ ▬▬▬ ▬▬ ▬ ▬▬▬▬ ▬▬▬ ▬▬ ▬▬▬ ▬ ▬▬▬▬ ▬▬ ▬▬▬ ▬▬ ▬ ▬▬▬▬ ▬▬▬ ▬▬ ▬▬▬ ▬ ▬▬▬▬ ▬▬ ▬▬▬ ▬▬ ▬ ▬▬▬▬ ▬▬▬ ▬▬ ▬▬▬ ▬ ▬▬▬▬ ▬▬ ▬▬▬ ▬▬ ▬ ▬▬▬▬ ▬▬▬ ▬▬ ▬▬▬ ▬ ▬▬▬▬ ▬▬ ▬▬▬ ▬▬ ▬ ▬▬▬▬ ▬▬▬ ▬▬ ▬▬▬ ▬ ▬▬▬▬ ▬▬ ▬▬▬ ▬▬ ▬ ▬▬▬▬ ▬▬▬ ▬▬ ▬▬▬ ▬ ▬▬▬▬ ▬▬ ▬▬▬ ▬▬ ▬ ▬▬▬▬ ▬▬▬ ▬▬ ▬▬▬ ▬ ▬▬▬▬ ▬▬ ▬▬▬ ▬▬ ▬ ▬▬▬▬ ▬▬▬ ▬▬ ▬▬▬ ▬ ▬▬▬▬ ▬▬ ▬▬▬ ▬▬ ▬ ▬▬▬▬ ▬▬▬ ▬▬ ▬▬▬ ▬ ▬▬▬▬ ▬▬ ▬▬▬ ▬▬ ▬ ▬▬▬▬ ▬▬▬

ধানের শীষের পক্ষে প্রচারণায় জাসাস

দিনকাল রিপোর্ট ▬▬ ▬▬▬ ▬ ▬▬▬▬ ▬▬ ▬▬▬ ▬▬ ▬ ▬▬▬▬ ▬▬▬ ▬▬ ▬▬▬ ▬ ▬▬▬▬ ▬▬ ▬▬▬ ▬▬ ▬ ▬▬▬▬ ▬▬▬ ▬▬ ▬▬▬ ▬ ▬▬▬▬ ▬▬ ▬▬▬ ▬▬ ▬ ▬▬▬▬ ▬▬▬ ▬▬ ▬▬▬ ▬ ▬▬▬▬ ▬▬ ▬▬▬ ▬▬ ▬ ▬▬▬▬ ▬▬▬ ▬▬ ▬▬▬ ▬ ▬▬▬▬ ▬▬ ▬▬▬ ▬▬ ▬ ▬▬▬▬ ▬▬▬ ▬▬ ▬▬▬ ▬ ▬▬▬▬ ▬▬ ▬▬▬ ▬▬ ▬ ▬▬▬▬ ▬▬▬ ▬▬ ▬▬▬ ▬ ▬▬▬▬ ▬▬ ▬▬▬ ▬▬ ▬ ▬▬▬▬ ▬▬▬ ▬▬ ▬▬▬ ▬ ▬▬▬▬ ▬▬ ▬▬▬ ▬▬ ▬ ▬▬▬▬ ▬▬▬ ▬▬ ▬▬▬ ▬ ▬▬▬▬ ▬▬ ▬▬▬ ▬▬ ▬ ▬▬▬▬ ▬▬▬ ▬▬ ▬▬▬ ▬ ▬▬▬▬ ▬▬ ▬▬▬ ▬▬ ▬ ▬▬▬▬ ▬▬▬ ▬▬ ▬▬▬ ▬ ▬▬▬▬ ▬▬ ▬▬▬ ▬▬ ▬ ▬▬▬▬ ▬▬▬ ▬▬ ▬▬▬ ▬ ▬▬▬▬ ▬▬ ▬▬▬ ▬▬ ▬ ▬▬▬▬ ▬▬▬ ▬▬ ▬▬▬ ▬ ▬▬▬▬ ▬▬ ▬▬▬ ▬▬ ▬ ▬▬▬▬ ▬▬▬ ▬▬ ▬▬▬ ▬ ▬▬▬▬ ▬▬ ▬▬▬ ▬▬ ▬ ▬▬▬▬ ▬▬▬ ▬▬ ▬▬▬ ▬ ▬▬▬▬ ▬▬ ▬▬▬ ▬▬ ▬ ▬▬▬▬ ▬▬▬ ▬▬ ▬▬▬ ▬ ▬▬▬▬ ▬▬ ▬▬▬ ▬▬ ▬ ▬▬▬▬ ▬▬▬ ▬▬ ▬▬▬ ▬ ▬▬▬▬ ▬▬ ▬▬▬ ▬▬ ▬ ▬▬▬▬ ▬▬▬ ▬▬ ▬▬▬ ▬ ▬▬▬▬ ▬▬ ▬▬▬ ▬▬ ▬ ▬▬▬▬ ▬▬▬

না'গঞ্জে তুকী হত্যার চার্জশিট
প্রথম পাতার পর

▬▬ ▬▬▬ ▬ ▬▬▬▬ ▬▬ ▬▬▬ ▬▬ ▬ ▬▬▬▬ ▬▬▬ ▬▬ ▬▬▬ ▬ ▬▬▬▬ ▬▬ ▬▬▬ ▬▬ ▬ ▬▬▬▬ ▬▬▬ ▬▬ ▬▬▬ ▬ ▬▬▬▬ ▬▬ ▬▬▬ ▬▬ ▬ ▬▬▬▬ ▬▬▬ ▬▬ ▬▬▬ ▬ ▬▬▬▬ ▬▬ ▬▬▬ ▬▬ ▬ ▬▬▬▬ ▬▬▬ ▬▬ ▬▬▬ ▬ ▬▬▬▬ ▬▬ ▬▬▬ ▬▬ ▬ ▬▬▬▬ ▬▬▬ ▬▬ ▬▬▬ ▬ ▬▬▬▬ ▬▬ ▬▬▬ ▬▬ ▬ ▬▬▬▬ ▬▬▬ ▬▬ ▬▬▬ ▬ ▬▬▬▬ ▬▬ ▬▬▬ ▬▬ ▬ ▬▬▬▬ ▬▬▬ ▬▬ ▬▬▬ ▬ ▬▬▬▬ ▬▬ ▬▬▬ ▬▬ ▬ ▬▬▬▬ ▬▬▬ ▬▬ ▬▬▬ ▬ ▬▬▬▬ ▬▬ ▬▬▬ ▬▬ ▬ ▬▬▬▬ ▬▬▬ ▬▬ ▬▬▬ ▬ ▬▬▬▬ ▬▬ ▬▬▬ ▬▬ ▬ ▬▬▬▬ ▬▬▬ ▬▬ ▬▬▬ ▬ ▬▬▬▬ ▬▬ ▬▬▬ ▬▬ ▬ ▬▬▬▬ ▬▬▬ ▬▬ ▬▬▬ ▬ ▬▬▬▬ ▬▬ ▬▬▬ ▬▬ ▬ ▬▬▬▬ ▬▬▬ ▬▬ ▬▬▬ ▬ ▬▬▬▬ ▬▬ ▬▬▬ ▬▬ ▬ ▬▬▬▬ ▬▬▬ ▬▬ ▬▬▬ ▬ ▬▬▬▬ ▬▬ ▬▬▬ ▬▬ ▬ ▬▬▬▬ ▬▬▬ ▬▬ ▬▬▬ ▬ ▬▬▬▬ ▬▬ ▬▬▬ ▬▬ ▬ ▬▬▬▬ ▬▬▬ ▬▬ ▬▬▬ ▬ ▬▬▬▬ ▬▬ ▬▬▬ ▬▬ ▬ ▬▬▬▬ ▬▬▬ ▬▬ ▬▬▬ ▬ ▬▬▬▬ ▬▬ ▬▬▬ ▬▬ ▬ ▬▬▬▬ ▬▬▬ ▬▬ ▬▬▬ ▬ ▬▬▬▬ ▬▬ ▬▬▬ ▬▬ ▬ ▬▬▬▬ ▬▬▬

জকসু ঘিরে ক্যাম্পাসে
প্রথম পাতার পর

▬▬ ▬▬▬ ▬ ▬▬▬▬ ▬▬ ▬▬▬ ▬▬ ▬ ▬▬▬▬ ▬▬▬ ▬▬ ▬▬▬ ▬ ▬▬▬▬ ▬▬ ▬▬▬ ▬▬ ▬ ▬▬▬▬ ▬▬▬ ▬▬ ▬▬▬ ▬ ▬▬▬▬ ▬▬ ▬▬▬ ▬▬ ▬ ▬▬▬▬ ▬▬▬ ▬▬ ▬▬▬ ▬ ▬▬▬▬ ▬▬ ▬▬▬ ▬▬ ▬ ▬▬▬▬ ▬▬▬ ▬▬ ▬▬▬ ▬ ▬▬▬▬ ▬▬ ▬▬▬ ▬▬ ▬ ▬▬▬▬ ▬▬▬ ▬▬ ▬▬▬ ▬ ▬▬▬▬ ▬▬ ▬▬▬ ▬▬ ▬ ▬▬▬▬ ▬▬▬ ▬▬ ▬▬▬ ▬ ▬▬▬▬ ▬▬ ▬▬▬ ▬▬ ▬ ▬▬▬▬ ▬▬▬ ▬▬ ▬▬▬ ▬ ▬▬▬▬ ▬▬ ▬▬▬ ▬▬ ▬ ▬▬▬▬ ▬▬▬ ▬▬ ▬▬▬ ▬ ▬▬▬▬ ▬▬ ▬▬▬ ▬▬ ▬ ▬▬▬▬ ▬▬▬ ▬▬ ▬▬▬ ▬ ▬▬▬▬ ▬▬ ▬▬▬ ▬▬ ▬ ▬▬▬▬ ▬▬▬ ▬▬ ▬▬▬ ▬ ▬▬▬▬ ▬▬ ▬▬▬ ▬▬ ▬ ▬▬▬▬ ▬▬▬ ▬▬ ▬▬▬ ▬ ▬▬▬▬ ▬▬ ▬▬▬ ▬▬ ▬ ▬▬▬▬ ▬▬▬ ▬▬ ▬▬▬ ▬ ▬▬▬▬ ▬▬ ▬▬▬ ▬▬ ▬ ▬▬▬▬ ▬▬▬ ▬▬ ▬▬▬ ▬ ▬▬▬▬ ▬▬ ▬▬▬ ▬▬ ▬ ▬▬▬▬ ▬▬▬ ▬▬ ▬▬▬ ▬ ▬▬▬▬ ▬▬ ▬▬▬ ▬▬ ▬ ▬▬▬▬ ▬▬▬ ▬▬ ▬▬▬ ▬ ▬▬▬▬ ▬▬ ▬▬▬ ▬▬ ▬ ▬▬▬▬ ▬▬▬ ▬▬ ▬▬▬ ▬ ▬▬▬▬ ▬▬ ▬▬▬ ▬▬ ▬ ▬▬▬▬ ▬▬▬ ▬▬ ▬▬▬ ▬ ▬▬▬▬ ▬▬ ▬▬▬ ▬▬ ▬ ▬▬▬▬ ▬▬▬

চার ক্যাম্পাসে শিবিরের
প্রথম পাতার পর

▬▬ ▬▬▬ ▬ ▬▬▬▬ ▬▬ ▬▬▬ ▬▬ ▬ ▬▬▬▬ ▬▬▬ ▬▬ ▬▬▬ ▬ ▬▬▬▬ ▬▬ ▬▬▬ ▬▬ ▬ ▬▬▬▬ ▬▬▬ ▬▬ ▬▬▬ ▬ ▬▬▬▬ ▬▬ ▬▬▬ ▬▬ ▬ ▬▬▬▬ ▬▬▬ ▬▬ ▬▬▬ ▬ ▬▬▬▬ ▬▬ ▬▬▬ ▬▬ ▬ ▬▬▬▬ ▬▬▬ ▬▬ ▬▬▬ ▬ ▬▬▬▬ ▬▬ ▬▬▬ ▬▬ ▬ ▬▬▬▬ ▬▬▬ ▬▬ ▬▬▬ ▬ ▬▬▬▬ ▬▬ ▬▬▬ ▬▬ ▬ ▬▬▬▬ ▬▬▬ ▬▬ ▬▬▬ ▬ ▬▬▬▬ ▬▬ ▬▬▬ ▬▬ ▬ ▬▬▬▬ ▬▬▬ ▬▬ ▬▬▬ ▬ ▬▬▬▬ ▬▬ ▬▬▬ ▬▬ ▬ ▬▬▬▬ ▬▬▬ ▬▬ ▬▬▬ ▬ ▬▬▬▬ ▬▬ ▬▬▬ ▬▬ ▬ ▬▬▬▬ ▬▬▬ ▬▬ ▬▬▬ ▬ ▬▬▬▬ ▬▬ ▬▬▬ ▬▬ ▬ ▬▬▬▬ ▬▬▬ ▬▬ ▬▬▬ ▬ ▬▬▬▬ ▬▬ ▬▬▬ ▬▬ ▬ ▬▬▬▬ ▬▬▬ ▬▬ ▬▬▬ ▬ ▬▬▬▬ ▬▬ ▬▬▬ ▬▬ ▬ ▬▬▬▬ ▬▬▬ ▬▬ ▬▬▬ ▬ ▬▬▬▬ ▬▬ ▬▬▬ ▬▬ ▬ ▬▬▬▬ ▬▬▬ ▬▬ ▬▬▬ ▬ ▬▬▬▬ ▬▬ ▬▬▬ ▬▬ ▬ ▬▬▬▬ ▬▬▬ ▬▬ ▬▬▬ ▬ ▬▬▬▬ ▬▬ ▬▬▬ ▬▬ ▬ ▬▬▬▬ ▬▬▬ ▬▬ ▬▬▬ ▬ ▬▬▬▬ ▬▬ ▬▬▬ ▬▬ ▬ ▬▬▬▬ ▬▬▬ ▬▬ ▬▬▬ ▬ ▬▬▬▬ ▬▬ ▬▬▬ ▬▬ ▬ ▬▬▬▬ ▬▬▬ ▬▬ ▬▬▬ ▬ ▬▬▬▬ ▬▬ ▬▬▬ ▬▬ ▬ ▬▬▬▬ ▬▬▬
